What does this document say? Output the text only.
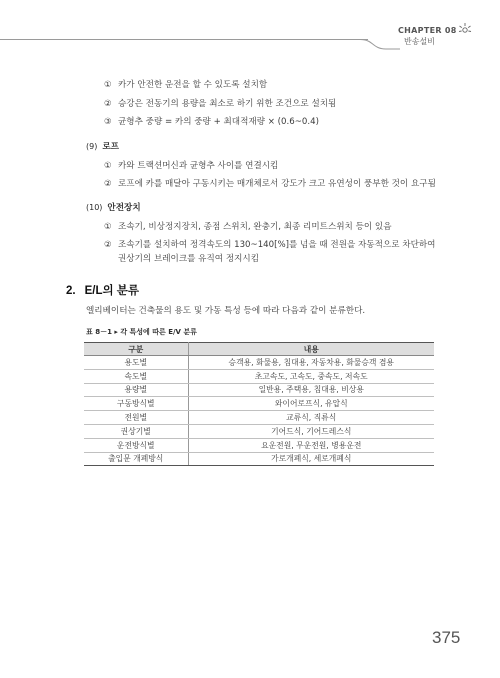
CHAPTER 08
반송설비
① 카가 안전한 운전을 할 수 있도록 설치함
② 승강은 전동기의 용량을 최소로 하기 위한 조건으로 설치됨
③ 균형추 중량 = 카의 중량 + 최대적재량 × (0.6~0.4)
(9) 로프
① 카와 트랙션머신과 균형추 사이를 연결시킴
② 로프에 카를 매달아 구동시키는 매개체로서 강도가 크고 유연성이 풍부한 것이 요구됨
(10) 안전장치
① 조속기, 비상정지장치, 종점 스위치, 완충기, 최종 리미트스위치 등이 있음
② 조속기를 설치하여 정격속도의 130~140[%]를 넘을 때 전원을 자동적으로 차단하여
권상기의 브레이크를 유직여 정지시킴
2. E/L의 분류
엘리베이터는 건축물의 용도 및 가동 특성 등에 따라 다음과 같이 분류한다.
표 8－1 ▸ 각 특성에 따른 E/V 분류
구분	내용
용도별	승객용, 화물용, 침대용, 자동차용, 화물승객 겸용
속도별	초고속도, 고속도, 중속도, 저속도
용량별	일반용, 주택용, 침대용, 비상용
구동방식별	와이어로프식, 유압식
전원별	교류식, 직류식
권상기별	기어드식, 기어드레스식
운전방식별	요운전원, 무운전원, 병용운전
출입문 개폐방식	가로개폐식, 세로개폐식
375
